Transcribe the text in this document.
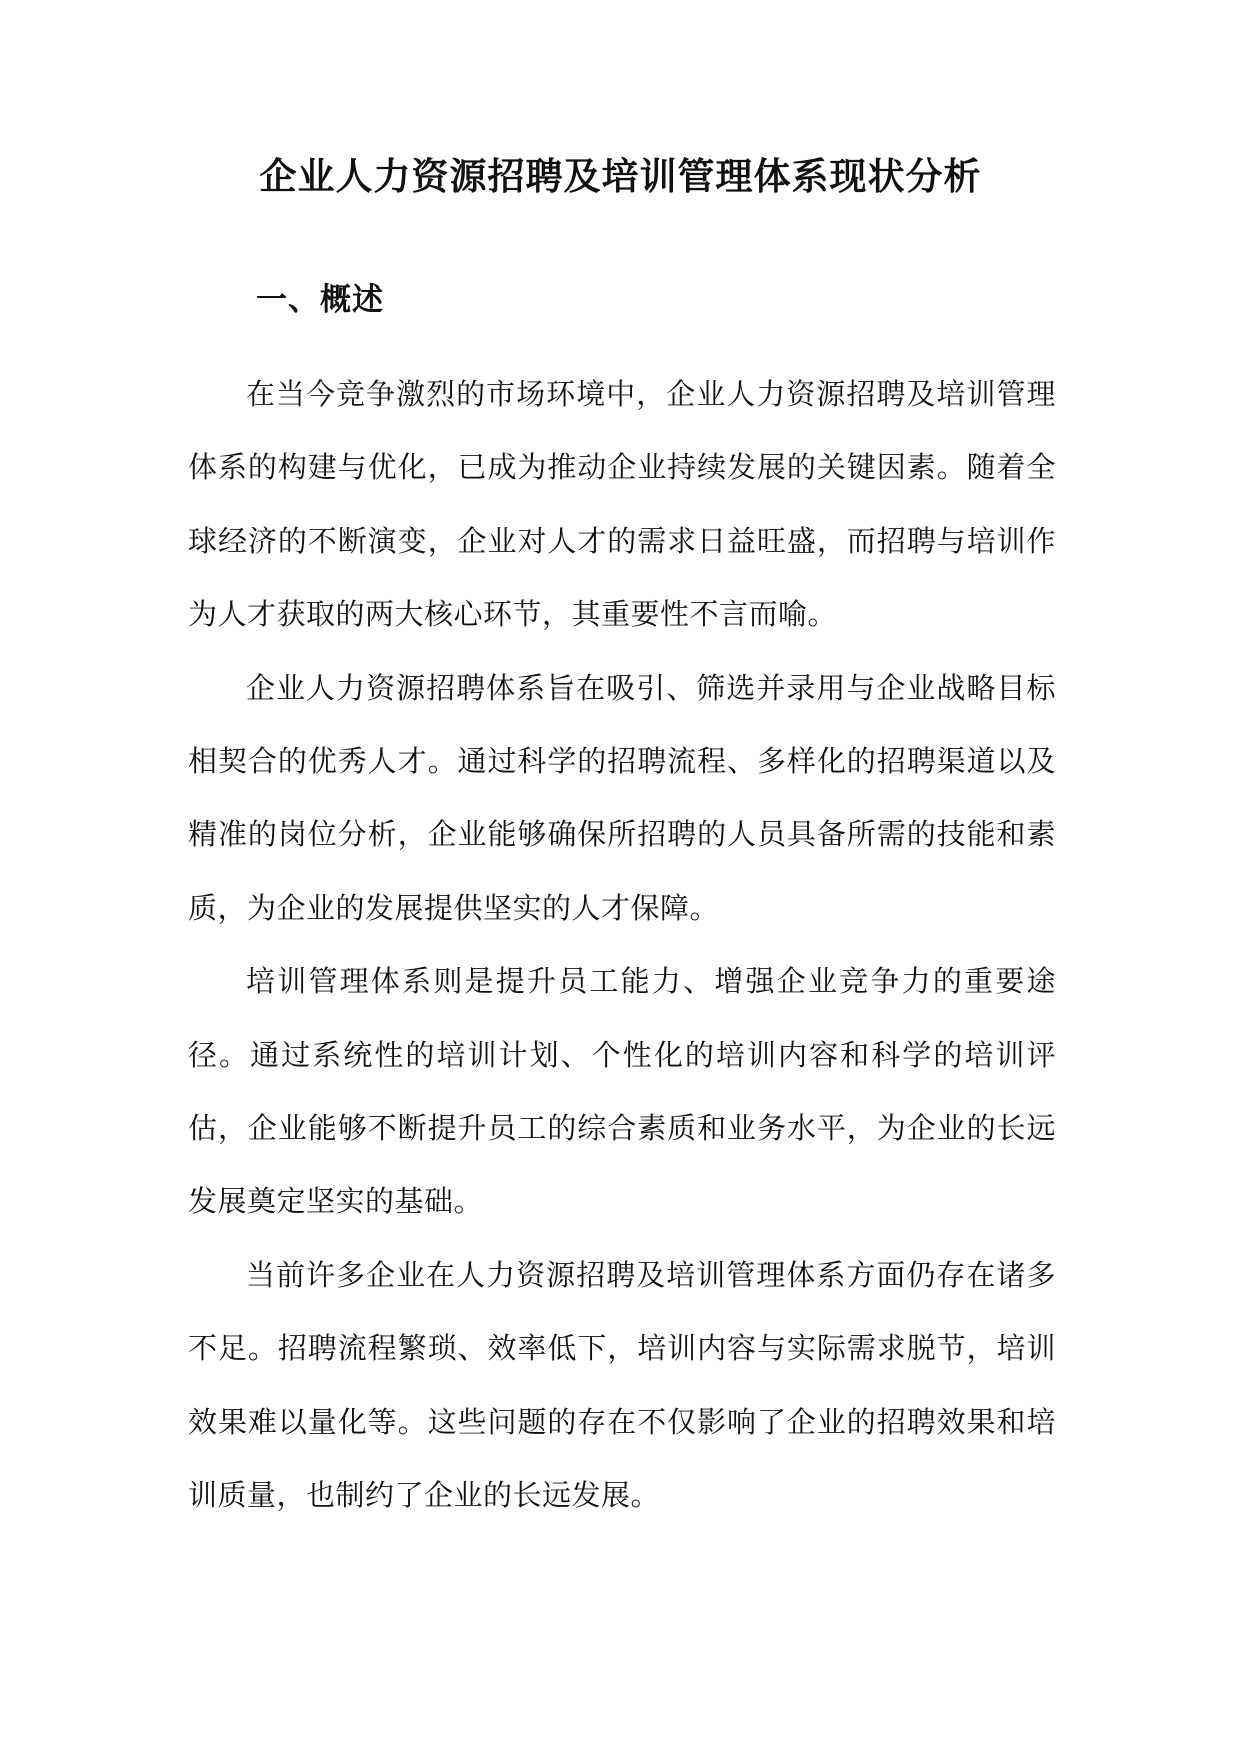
企业人力资源招聘及培训管理体系现状分析
一、概述

在当今竞争激烈的市场环境中，企业人力资源招聘及培训管理体系的构建与优化，已成为推动企业持续发展的关键因素。随着全球经济的不断演变，企业对人才的需求日益旺盛，而招聘与培训作为人才获取的两大核心环节，其重要性不言而喻。

企业人力资源招聘体系旨在吸引、筛选并录用与企业战略目标相契合的优秀人才。通过科学的招聘流程、多样化的招聘渠道以及精准的岗位分析，企业能够确保所招聘的人员具备所需的技能和素质，为企业的发展提供坚实的人才保障。

培训管理体系则是提升员工能力、增强企业竞争力的重要途径。通过系统性的培训计划、个性化的培训内容和科学的培训评估，企业能够不断提升员工的综合素质和业务水平，为企业的长远发展奠定坚实的基础。

当前许多企业在人力资源招聘及培训管理体系方面仍存在诸多不足。招聘流程繁琐、效率低下，培训内容与实际需求脱节，培训效果难以量化等。这些问题的存在不仅影响了企业的招聘效果和培训质量，也制约了企业的长远发展。
